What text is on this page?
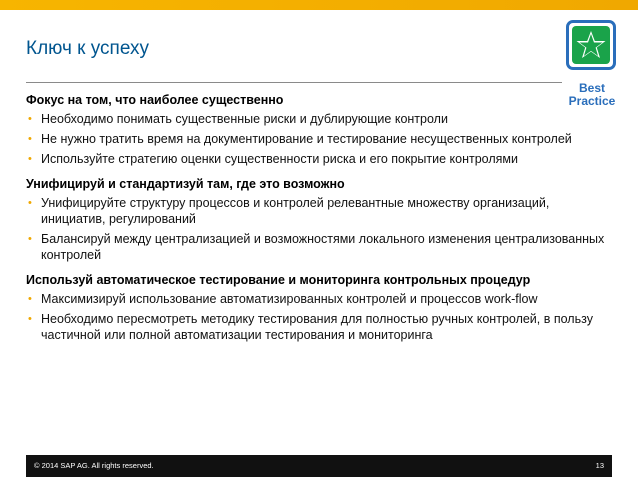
Ключ к успеху
Best
Practice
Фокус на том, что наиболее существенно
• Необходимо понимать существенные риски и дублирующие контроли
• Не нужно тратить время на документирование и тестирование несущественных контролей
• Используйте стратегию оценки существенности риска и его покрытие контролями
Унифицируй и стандартизуй там, где это возможно
• Унифицируйте структуру процессов и контролей релевантные множеству организаций, инициатив, регулирований
• Балансируй между централизацией и возможностями локального изменения централизованных контролей
Используй автоматическое тестирование и мониторинга контрольных процедур
• Максимизируй использование автоматизированных контролей и процессов work-flow
• Необходимо пересмотреть методику тестирования для полностью ручных контролей, в пользу частичной или полной автоматизации тестирования и мониторинга
© 2014 SAP AG. All rights reserved.	13
